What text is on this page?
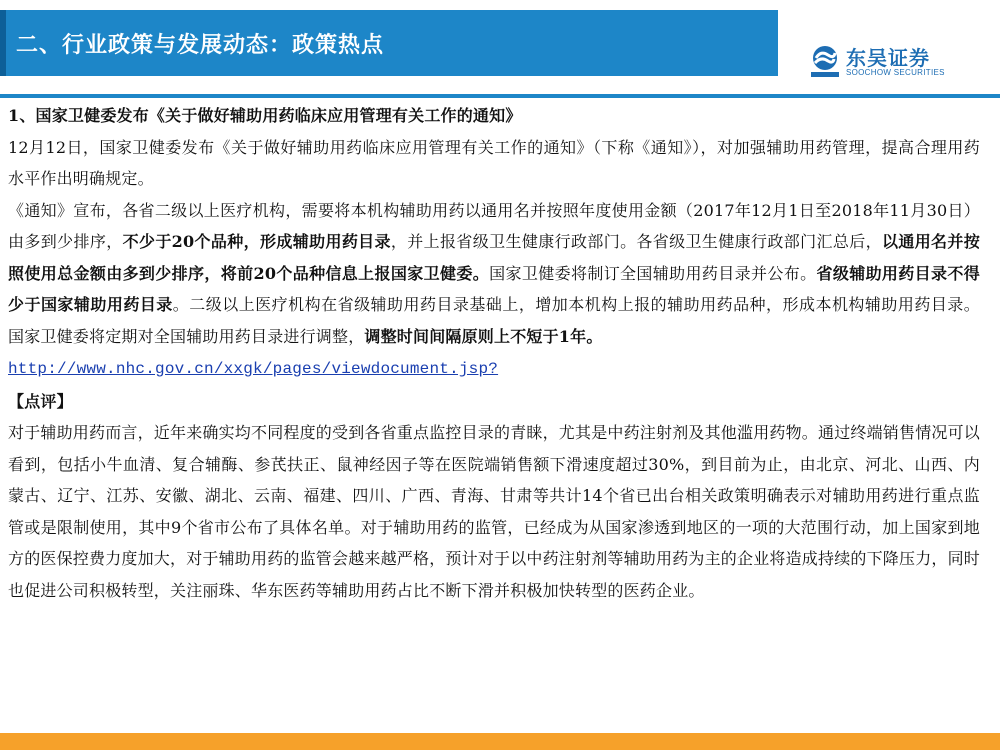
二、行业政策与发展动态：政策热点	东吴证券
SOOCHOW SECURITIES

1、国家卫健委发布《关于做好辅助用药临床应用管理有关工作的通知》

12月12日，国家卫健委发布《关于做好辅助用药临床应用管理有关工作的通知》（下称《通知》），对加强辅助用药管理，提高合理用药水平作出明确规定。

《通知》宣布，各省二级以上医疗机构，需要将本机构辅助用药以通用名并按照年度使用金额（2017年12月1日至2018年11月30日）由多到少排序，不少于20个品种，形成辅助用药目录，并上报省级卫生健康行政部门。各省级卫生健康行政部门汇总后，以通用名并按照使用总金额由多到少排序，将前20个品种信息上报国家卫健委。国家卫健委将制订全国辅助用药目录并公布。省级辅助用药目录不得少于国家辅助用药目录。二级以上医疗机构在省级辅助用药目录基础上，增加本机构上报的辅助用药品种，形成本机构辅助用药目录。国家卫健委将定期对全国辅助用药目录进行调整，调整时间间隔原则上不短于1年。

http://www.nhc.gov.cn/xxgk/pages/viewdocument.jsp?

【点评】

对于辅助用药而言，近年来确实均不同程度的受到各省重点监控目录的青睐，尤其是中药注射剂及其他滥用药物。通过终端销售情况可以看到，包括小牛血清、复合辅酶、参芪扶正、鼠神经因子等在医院端销售额下滑速度超过30%，到目前为止，由北京、河北、山西、内蒙古、辽宁、江苏、安徽、湖北、云南、福建、四川、广西、青海、甘肃等共计14个省已出台相关政策明确表示对辅助用药进行重点监管或是限制使用，其中9个省市公布了具体名单。对于辅助用药的监管，已经成为从国家渗透到地区的一项的大范围行动，加上国家到地方的医保控费力度加大，对于辅助用药的监管会越来越严格，预计对于以中药注射剂等辅助用药为主的企业将造成持续的下降压力，同时也促进公司积极转型，关注丽珠、华东医药等辅助用药占比不断下滑并积极加快转型的医药企业。
